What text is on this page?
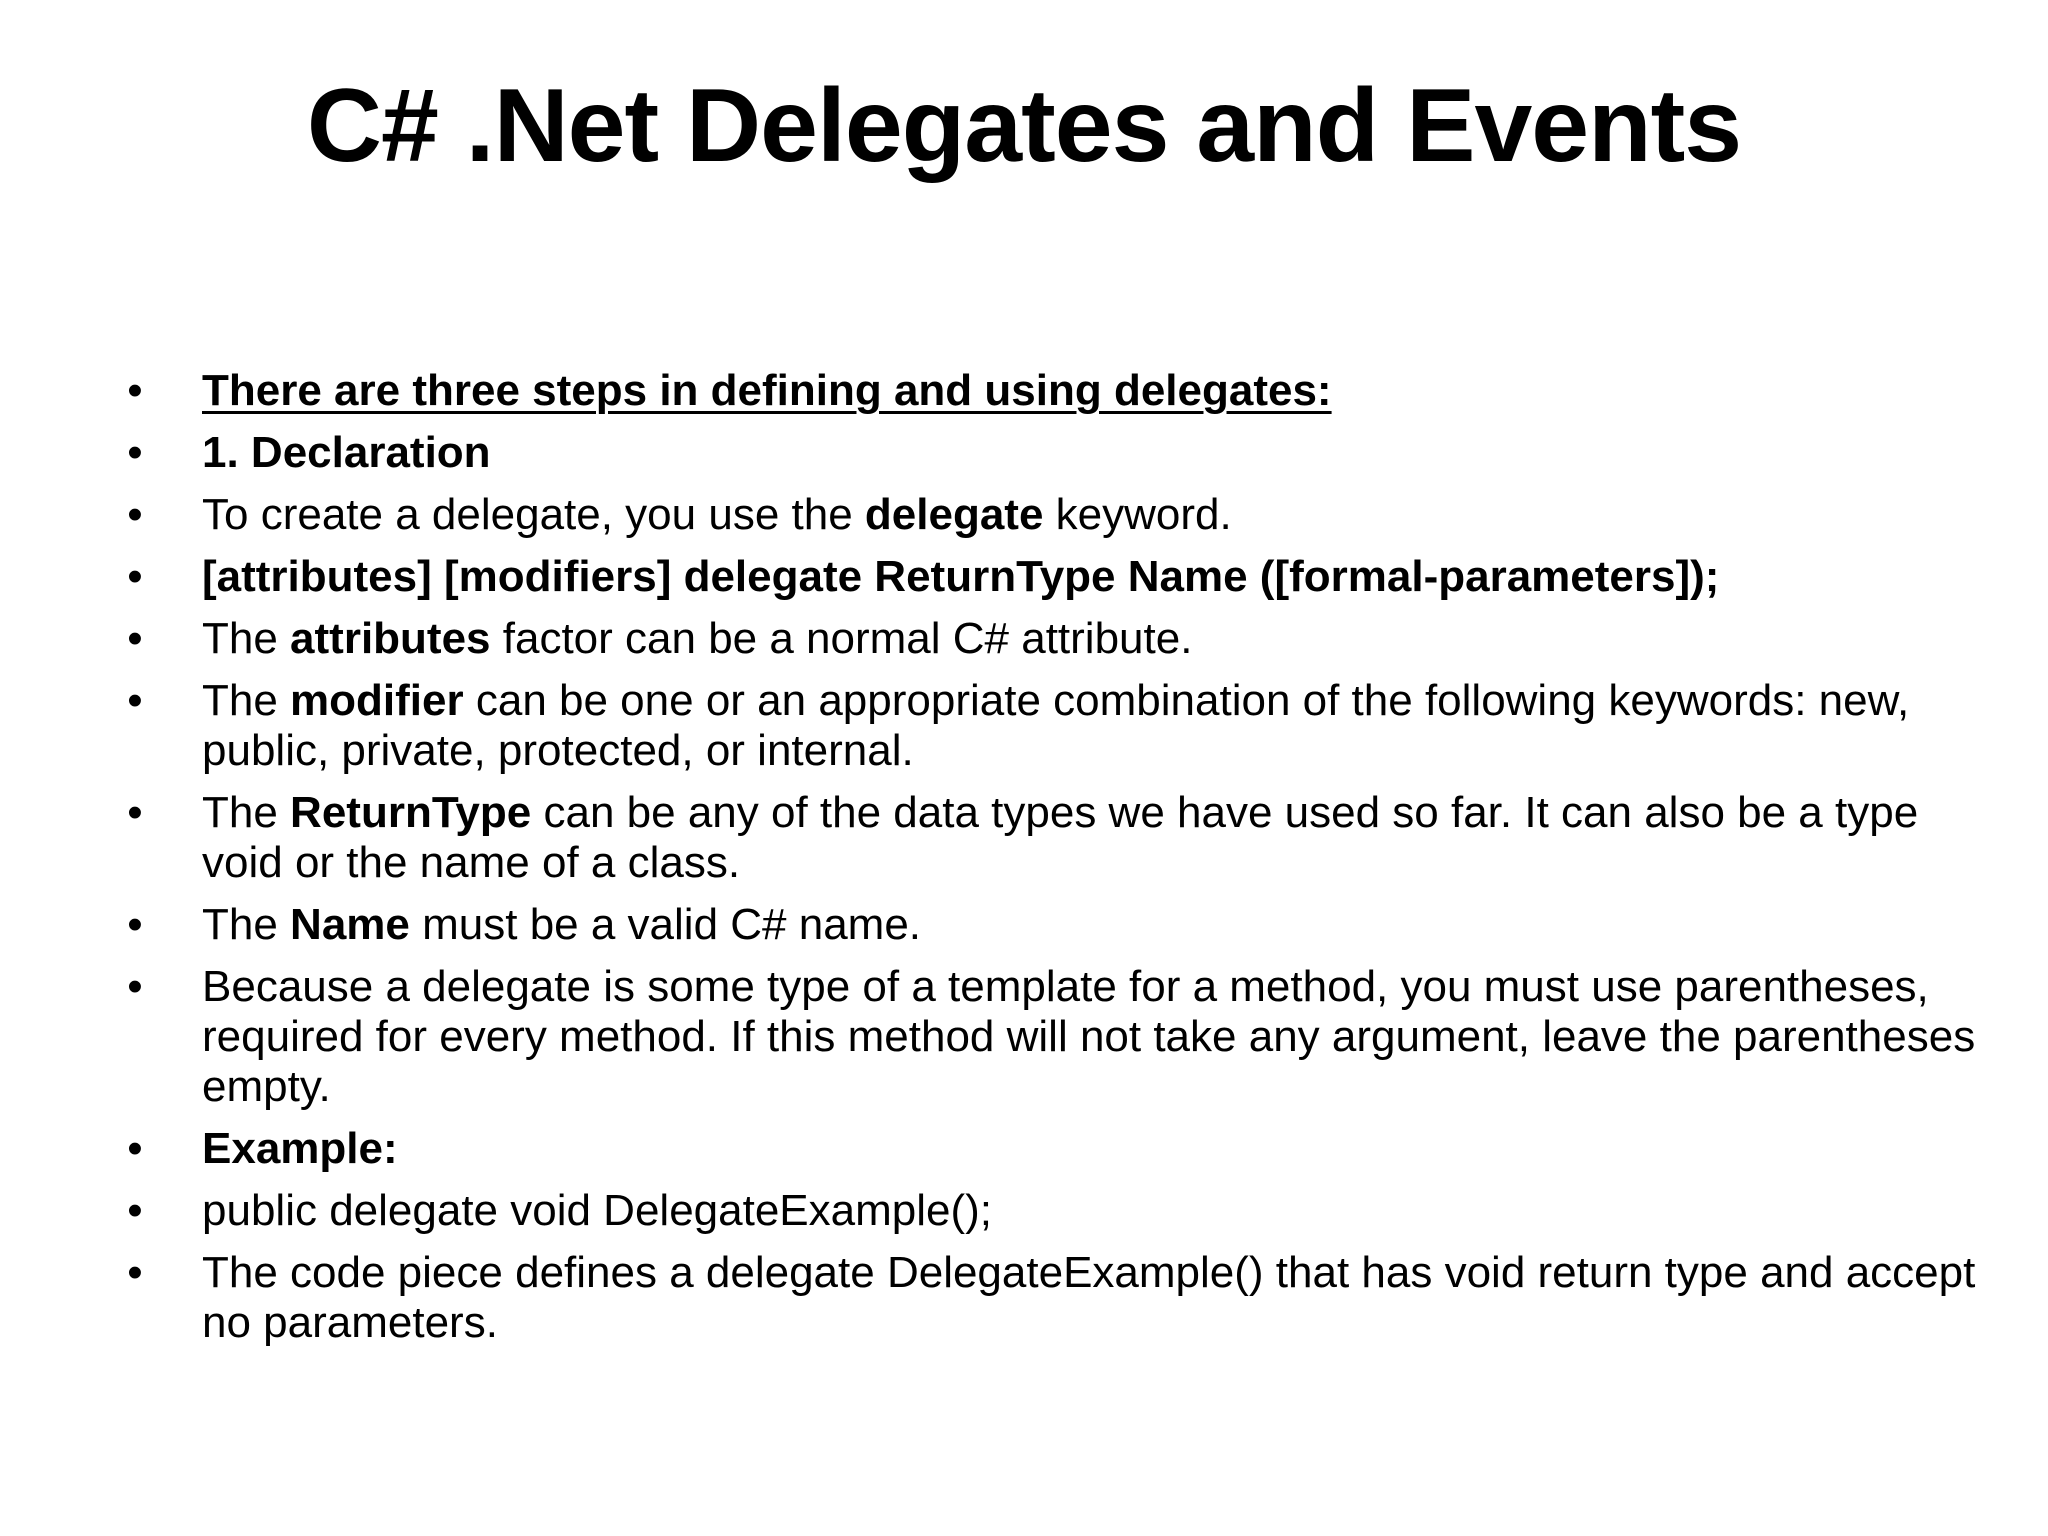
C# .Net Delegates and Events
• There are three steps in defining and using delegates:
• 1. Declaration
• To create a delegate, you use the delegate keyword.
• [attributes] [modifiers] delegate ReturnType Name ([formal-parameters]);
• The attributes factor can be a normal C# attribute.
• The modifier can be one or an appropriate combination of the following keywords: new, public, private, protected, or internal.
• The ReturnType can be any of the data types we have used so far. It can also be a type void or the name of a class.
• The Name must be a valid C# name.
• Because a delegate is some type of a template for a method, you must use parentheses, required for every method. If this method will not take any argument, leave the parentheses empty.
• Example:
• public delegate void DelegateExample();
• The code piece defines a delegate DelegateExample() that has void return type and accept no parameters.
